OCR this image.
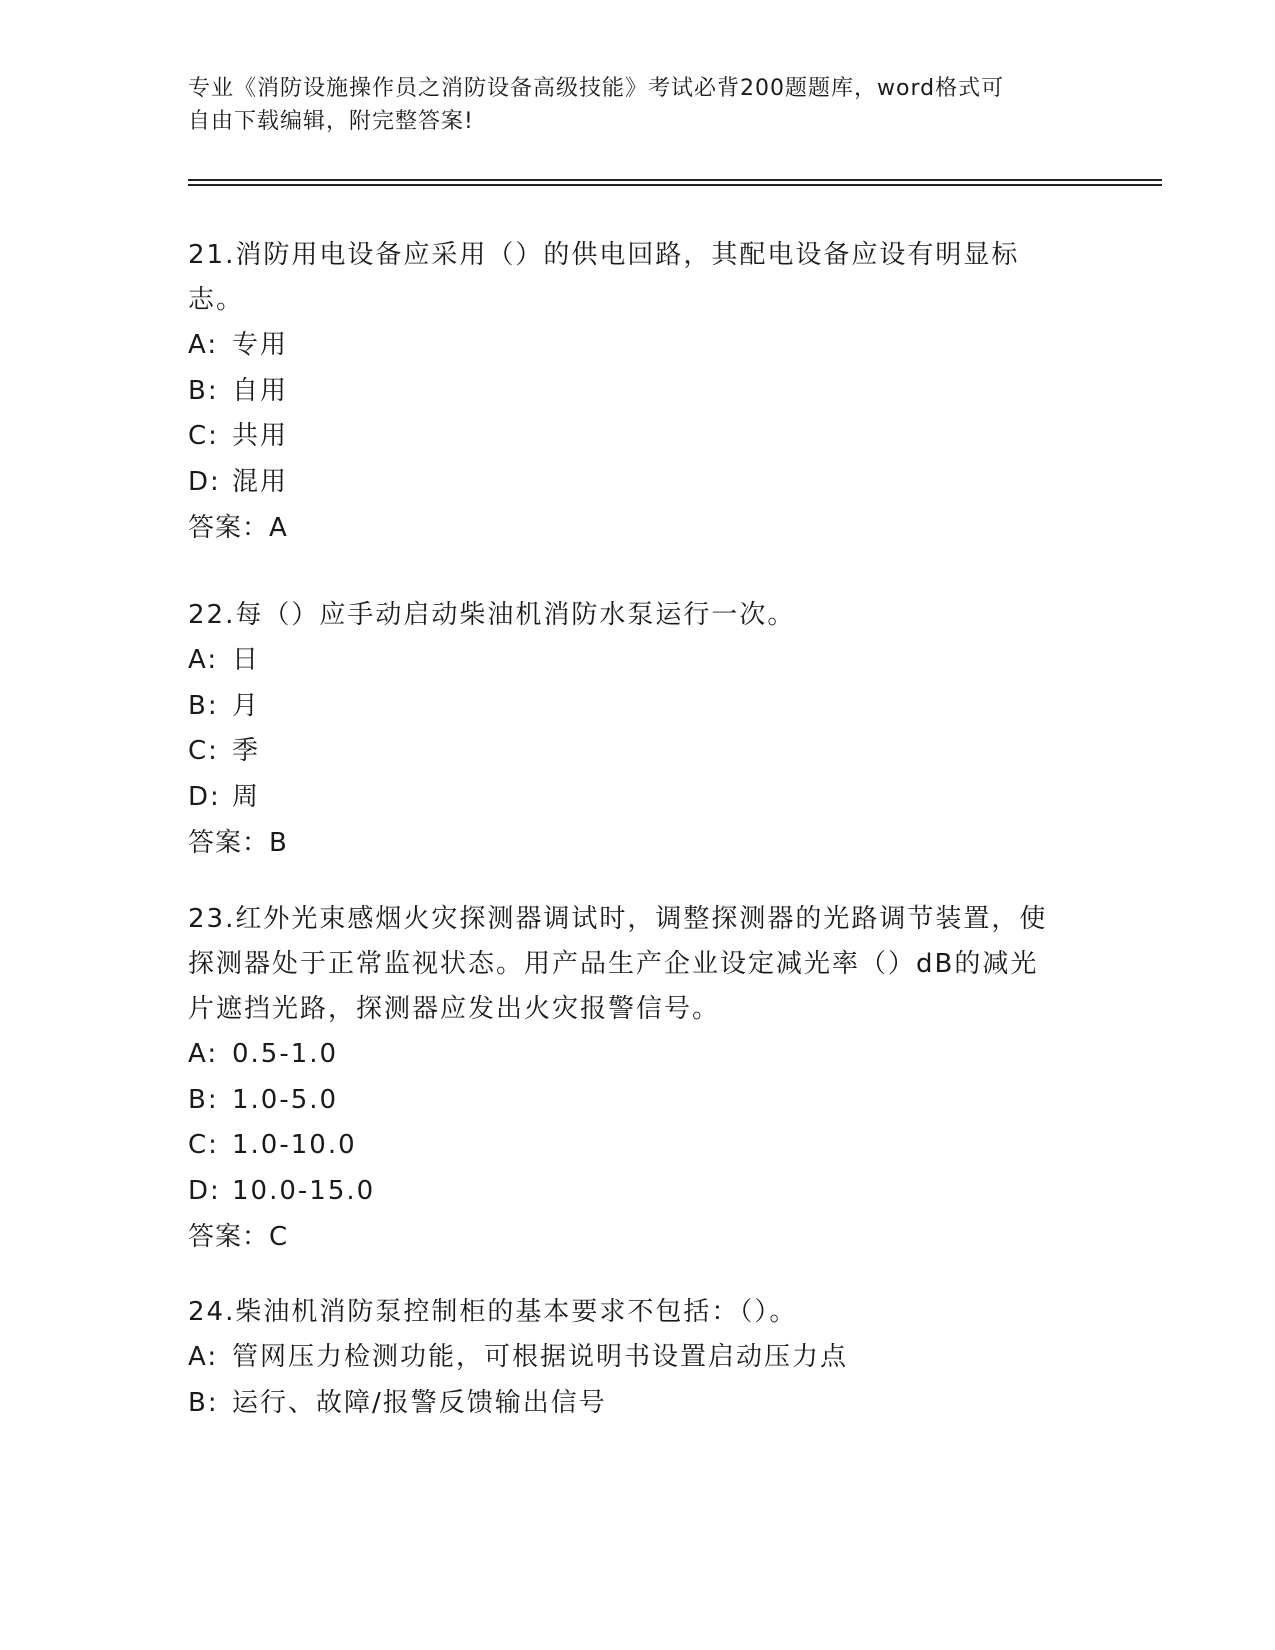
专业《消防设施操作员之消防设备高级技能》考试必背200题题库，word格式可
自由下载编辑，附完整答案!

21.消防用电设备应采用（）的供电回路，其配电设备应设有明显标志。

A: 专用
B: 自用
C: 共用
D: 混用
答案：A

22.每（）应手动启动柴油机消防水泵运行一次。

A: 日
B: 月
C: 季
D: 周
答案：B

23.红外光束感烟火灾探测器调试时，调整探测器的光路调节装置，使探测器处于正常监视状态。用产品生产企业设定减光率（）dB的减光片遮挡光路，探测器应发出火灾报警信号。

A: 0.5-1.0
B: 1.0-5.0
C: 1.0-10.0
D: 10.0-15.0
答案：C

24.柴油机消防泵控制柜的基本要求不包括：（）。

A: 管网压力检测功能，可根据说明书设置启动压力点
B: 运行、故障/报警反馈输出信号
